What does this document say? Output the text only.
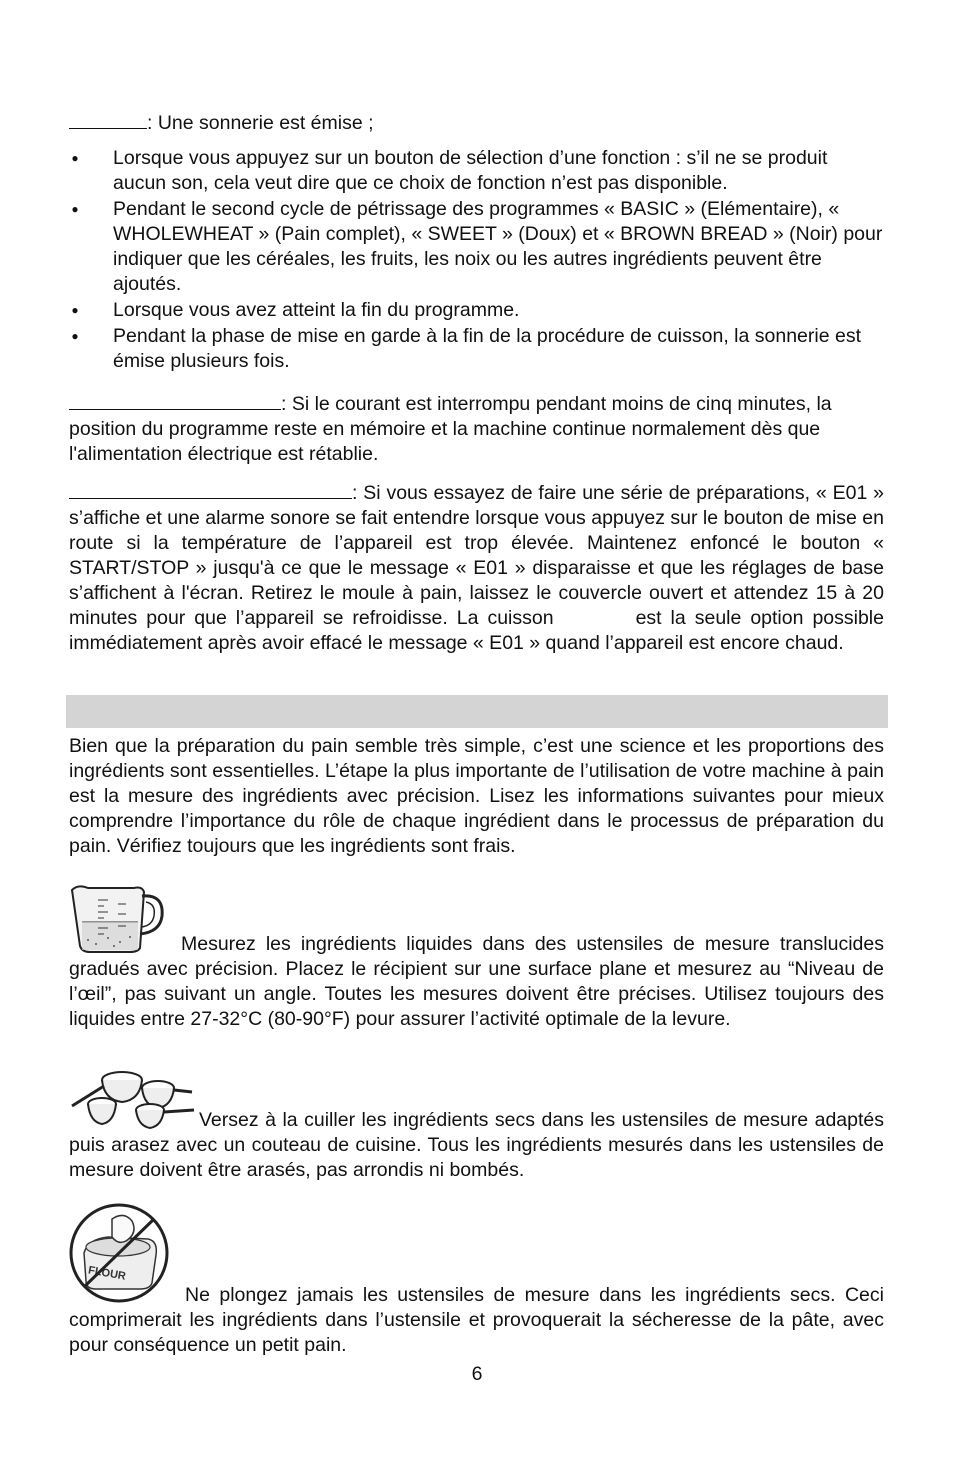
: Une sonnerie est émise ;

● Lorsque vous appuyez sur un bouton de sélection d’une fonction : s’il ne se produit aucun son, cela veut dire que ce choix de fonction n’est pas disponible.
● Pendant le second cycle de pétrissage des programmes « BASIC » (Elémentaire), « WHOLEWHEAT » (Pain complet), « SWEET » (Doux) et « BROWN BREAD » (Noir) pour indiquer que les céréales, les fruits, les noix ou les autres ingrédients peuvent être ajoutés.
● Lorsque vous avez atteint la fin du programme.
● Pendant la phase de mise en garde à la fin de la procédure de cuisson, la sonnerie est émise plusieurs fois.

: Si le courant est interrompu pendant moins de cinq minutes, la position du programme reste en mémoire et la machine continue normalement dès que l'alimentation électrique est rétablie.

: Si vous essayez de faire une série de préparations, « E01 » s’affiche et une alarme sonore se fait entendre lorsque vous appuyez sur le bouton de mise en route si la température de l’appareil est trop élevée. Maintenez enfoncé le bouton « START/STOP » jusqu'à ce que le message « E01 » disparaisse et que les réglages de base s’affichent à l'écran. Retirez le moule à pain, laissez le couvercle ouvert et attendez 15 à 20 minutes pour que l’appareil se refroidisse. La cuisson	est la seule option possible immédiatement après avoir effacé le message « E01 » quand l’appareil est encore chaud.

Bien que la préparation du pain semble très simple, c’est une science et les proportions des ingrédients sont essentielles. L’étape la plus importante de l’utilisation de votre machine à pain est la mesure des ingrédients avec précision. Lisez les informations suivantes pour mieux comprendre l’importance du rôle de chaque ingrédient dans le processus de préparation du pain. Vérifiez toujours que les ingrédients sont frais.

Mesurez les ingrédients liquides dans des ustensiles de mesure translucides gradués avec précision. Placez le récipient sur une surface plane et mesurez au “Niveau de l’œil”, pas suivant un angle. Toutes les mesures doivent être précises. Utilisez toujours des liquides entre 27-32°C (80-90°F) pour assurer l’activité optimale de la levure.

Versez à la cuiller les ingrédients secs dans les ustensiles de mesure adaptés puis arasez avec un couteau de cuisine. Tous les ingrédients mesurés dans les ustensiles de mesure doivent être arasés, pas arrondis ni bombés.

Ne plongez jamais les ustensiles de mesure dans les ingrédients secs. Ceci comprimerait les ingrédients dans l’ustensile et provoquerait la sécheresse de la pâte, avec pour conséquence un petit pain.

FLOUR
6
